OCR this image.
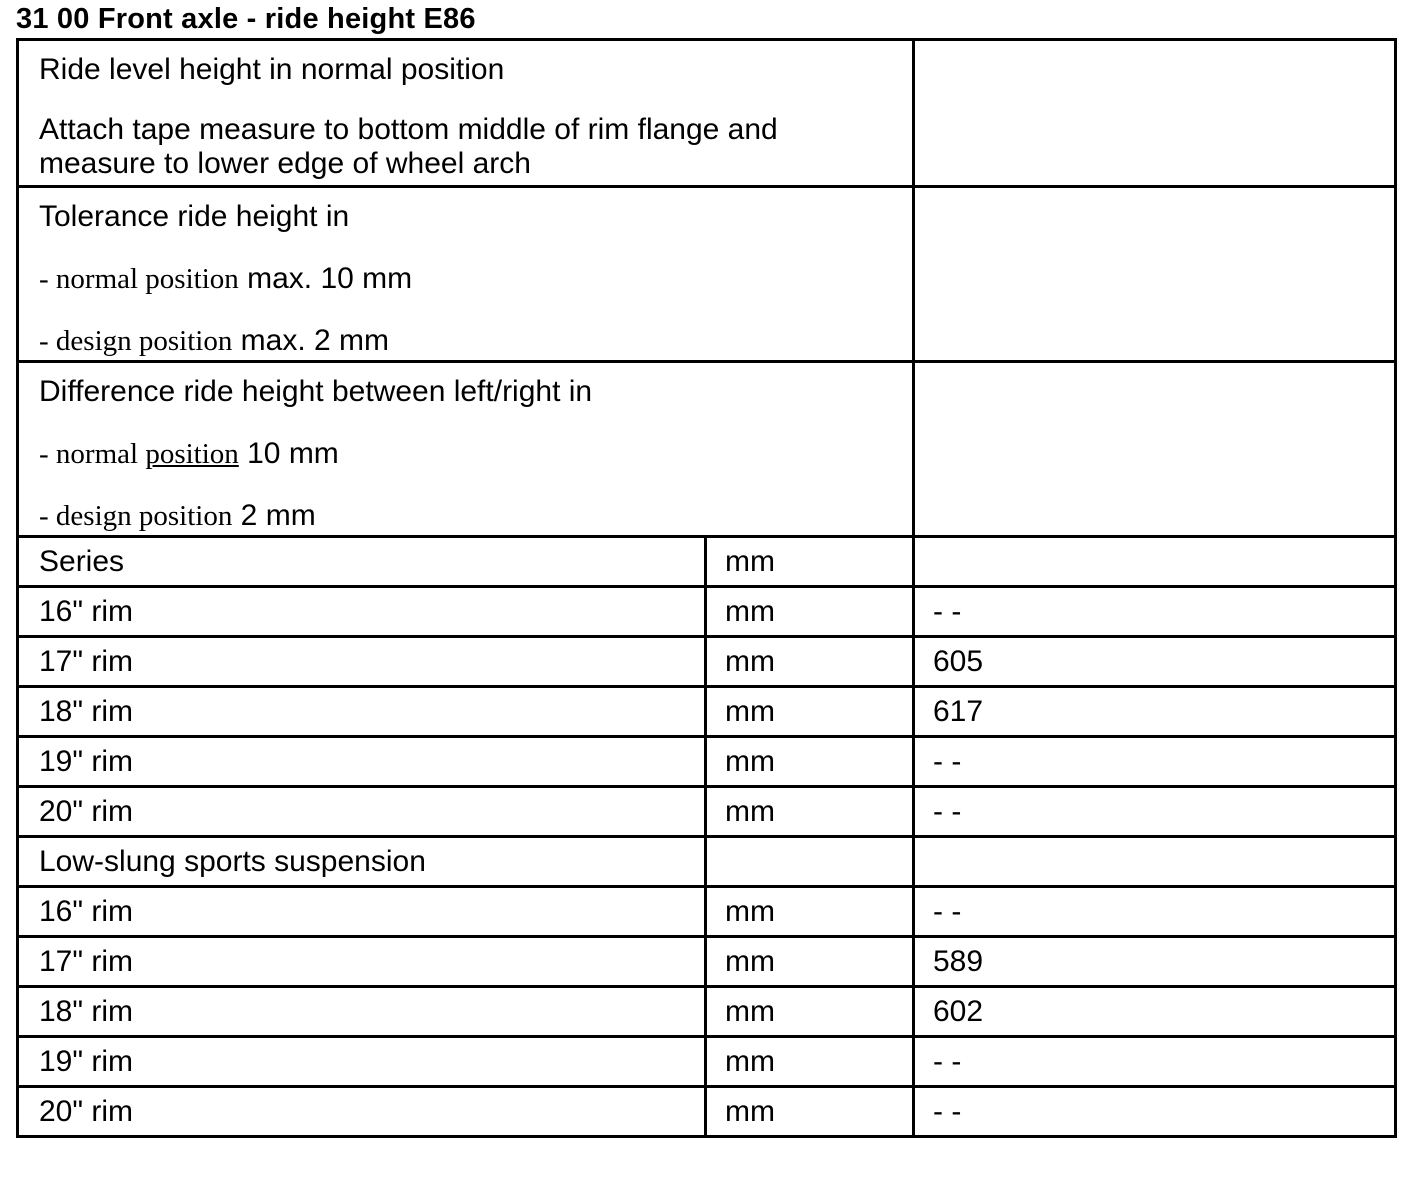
31 00 Front axle - ride height E86

Ride level height in normal position

Attach tape measure to bottom middle of rim flange and measure to lower edge of wheel arch		

Tolerance ride height in

- normal position max. 10 mm

- design position max. 2 mm		

Difference ride height between left/right in

- normal position 10 mm

- design position 2 mm		

Series	mm	
16" rim	mm	- -
17" rim	mm	605
18" rim	mm	617
19" rim	mm	- -
20" rim	mm	- -
Low-slung sports suspension		
16" rim	mm	- -
17" rim	mm	589
18" rim	mm	602
19" rim	mm	- -
20" rim	mm	- -
